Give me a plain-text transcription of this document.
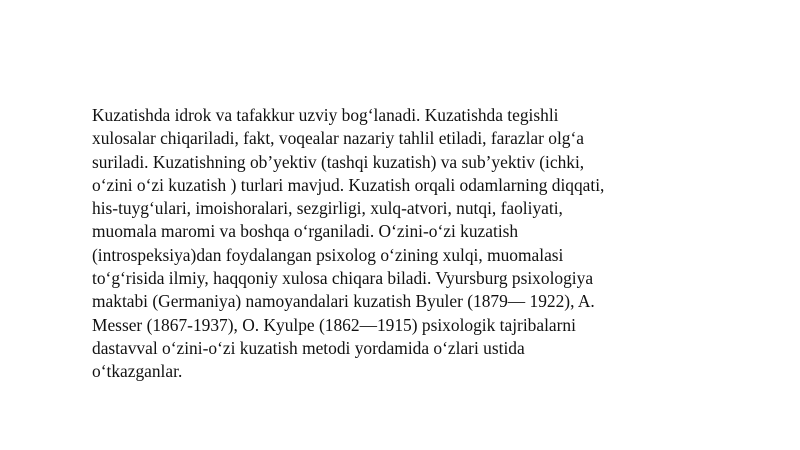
Kuzatishda idrok va tafakkur uzviy bog‘lanadi. Kuzatishda tegishli
xulosalar chiqariladi, fakt, voqealar nazariy tahlil etiladi, farazlar olg‘a
suriladi. Kuzatishning ob’yektiv (tashqi kuzatish) va sub’yektiv (ichki,
o‘zini o‘zi kuzatish ) turlari mavjud. Kuzatish orqali odamlarning diqqati,
his-tuyg‘ulari, imoishoralari, sezgirligi, xulq-atvori, nutqi, faoliyati,
muomala maromi va boshqa o‘rganiladi. O‘zini-o‘zi kuzatish
(introspeksiya)dan foydalangan psixolog o‘zining xulqi, muomalasi
to‘g‘risida ilmiy, haqqoniy xulosa chiqara biladi. Vyursburg psixologiya
maktabi (Germaniya) namoyandalari kuzatish Byuler (1879— 1922), A.
Messer (1867-1937), O. Kyulpe (1862—1915) psixologik tajribalarni
dastavval o‘zini-o‘zi kuzatish metodi yordamida o‘zlari ustida
o‘tkazganlar.
